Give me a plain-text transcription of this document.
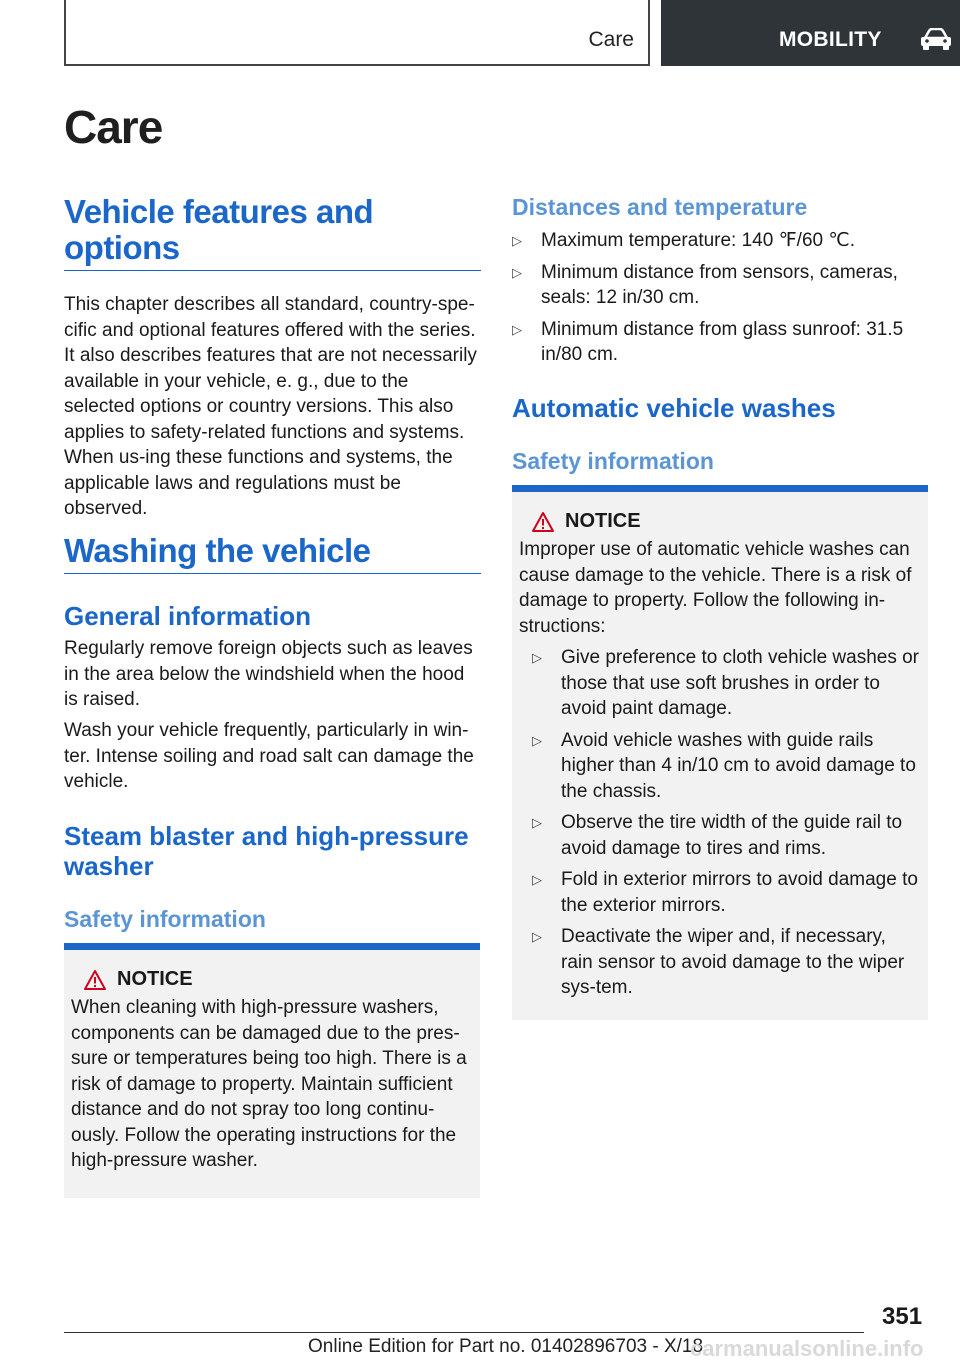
Care	MOBILITY
Care
Vehicle features and options
This chapter describes all standard, country-spe-cific and optional features offered with the series. It also describes features that are not necessarily available in your vehicle, e. g., due to the selected options or country versions. This also applies to safety-related functions and systems. When us-ing these functions and systems, the applicable laws and regulations must be observed.
Washing the vehicle
General information
Regularly remove foreign objects such as leaves in the area below the windshield when the hood is raised.
Wash your vehicle frequently, particularly in win-ter. Intense soiling and road salt can damage the vehicle.
Steam blaster and high-pressure washer
Safety information
NOTICE
When cleaning with high-pressure washers, components can be damaged due to the pres-sure or temperatures being too high. There is a risk of damage to property. Maintain sufficient distance and do not spray too long continu-ously. Follow the operating instructions for the high-pressure washer.
Distances and temperature
▷ Maximum temperature: 140 ℉/60 ℃.
▷ Minimum distance from sensors, cameras, seals: 12 in/30 cm.
▷ Minimum distance from glass sunroof: 31.5 in/80 cm.
Automatic vehicle washes
Safety information
NOTICE
Improper use of automatic vehicle washes can cause damage to the vehicle. There is a risk of damage to property. Follow the following in-structions:
▷ Give preference to cloth vehicle washes or those that use soft brushes in order to avoid paint damage.
▷ Avoid vehicle washes with guide rails higher than 4 in/10 cm to avoid damage to the chassis.
▷ Observe the tire width of the guide rail to avoid damage to tires and rims.
▷ Fold in exterior mirrors to avoid damage to the exterior mirrors.
▷ Deactivate the wiper and, if necessary, rain sensor to avoid damage to the wiper sys-tem.
351
Online Edition for Part no. 01402896703 - X/18
carmanualsonline.info
